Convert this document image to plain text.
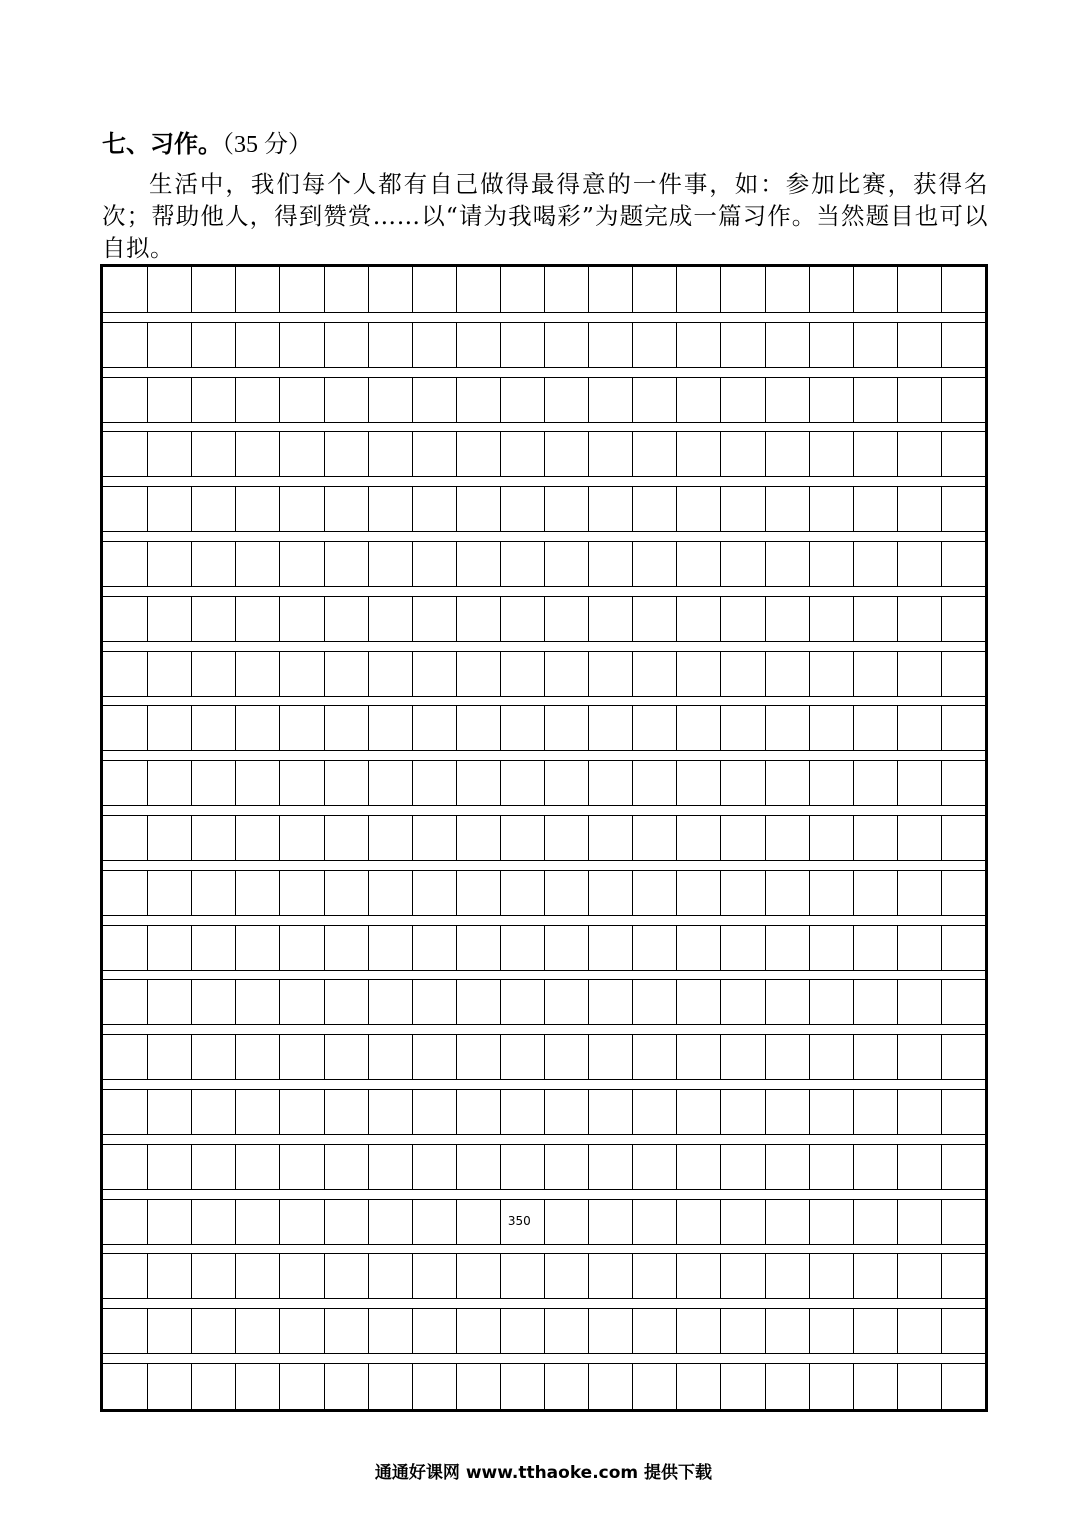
七、习作。（35 分）
生活中，我们每个人都有自己做得最得意的一件事，如：参加比赛，获得名次；帮助他人，得到赞赏……以“请为我喝彩”为题完成一篇习作。当然题目也可以自拟。
350
通通好课网 www.tthaoke.com 提供下载
